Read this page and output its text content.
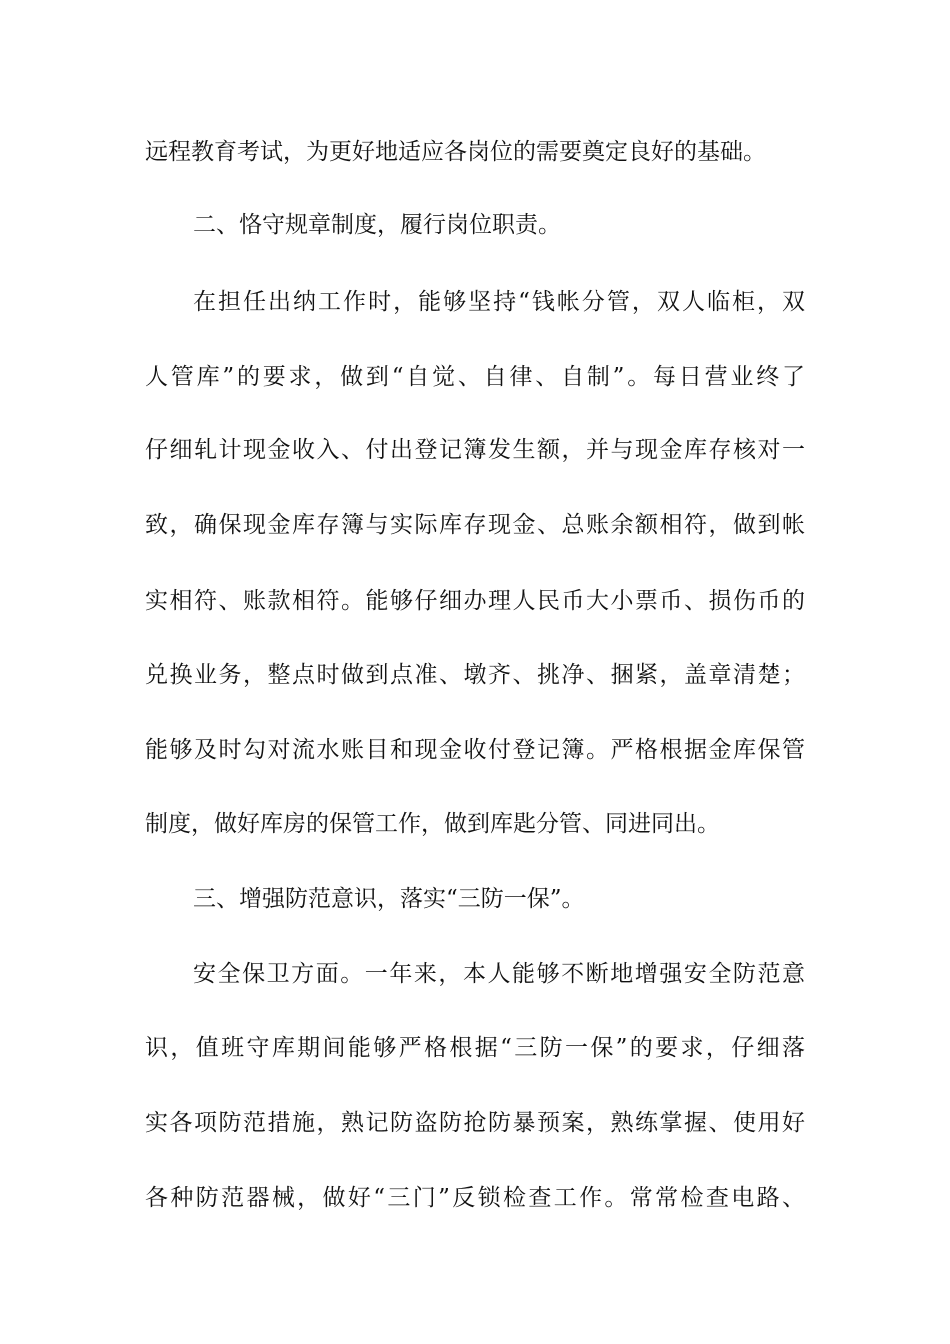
远程教育考试，为更好地适应各岗位的需要奠定良好的基础。
二、恪守规章制度，履行岗位职责。
在担任出纳工作时，能够坚持“钱帐分管，双人临柜，双
人管库”的要求，做到“自觉、自律、自制”。每日营业终了
仔细轧计现金收入、付出登记簿发生额，并与现金库存核对一
致，确保现金库存簿与实际库存现金、总账余额相符，做到帐
实相符、账款相符。能够仔细办理人民币大小票币、损伤币的
兑换业务，整点时做到点准、墩齐、挑净、捆紧，盖章清楚；
能够及时勾对流水账目和现金收付登记簿。严格根据金库保管
制度，做好库房的保管工作，做到库匙分管、同进同出。
三、增强防范意识，落实“三防一保”。
安全保卫方面。一年来，本人能够不断地增强安全防范意
识，值班守库期间能够严格根据“三防一保”的要求，仔细落
实各项防范措施，熟记防盗防抢防暴预案，熟练掌握、使用好
各种防范器械，做好“三门”反锁检查工作。常常检查电路、
